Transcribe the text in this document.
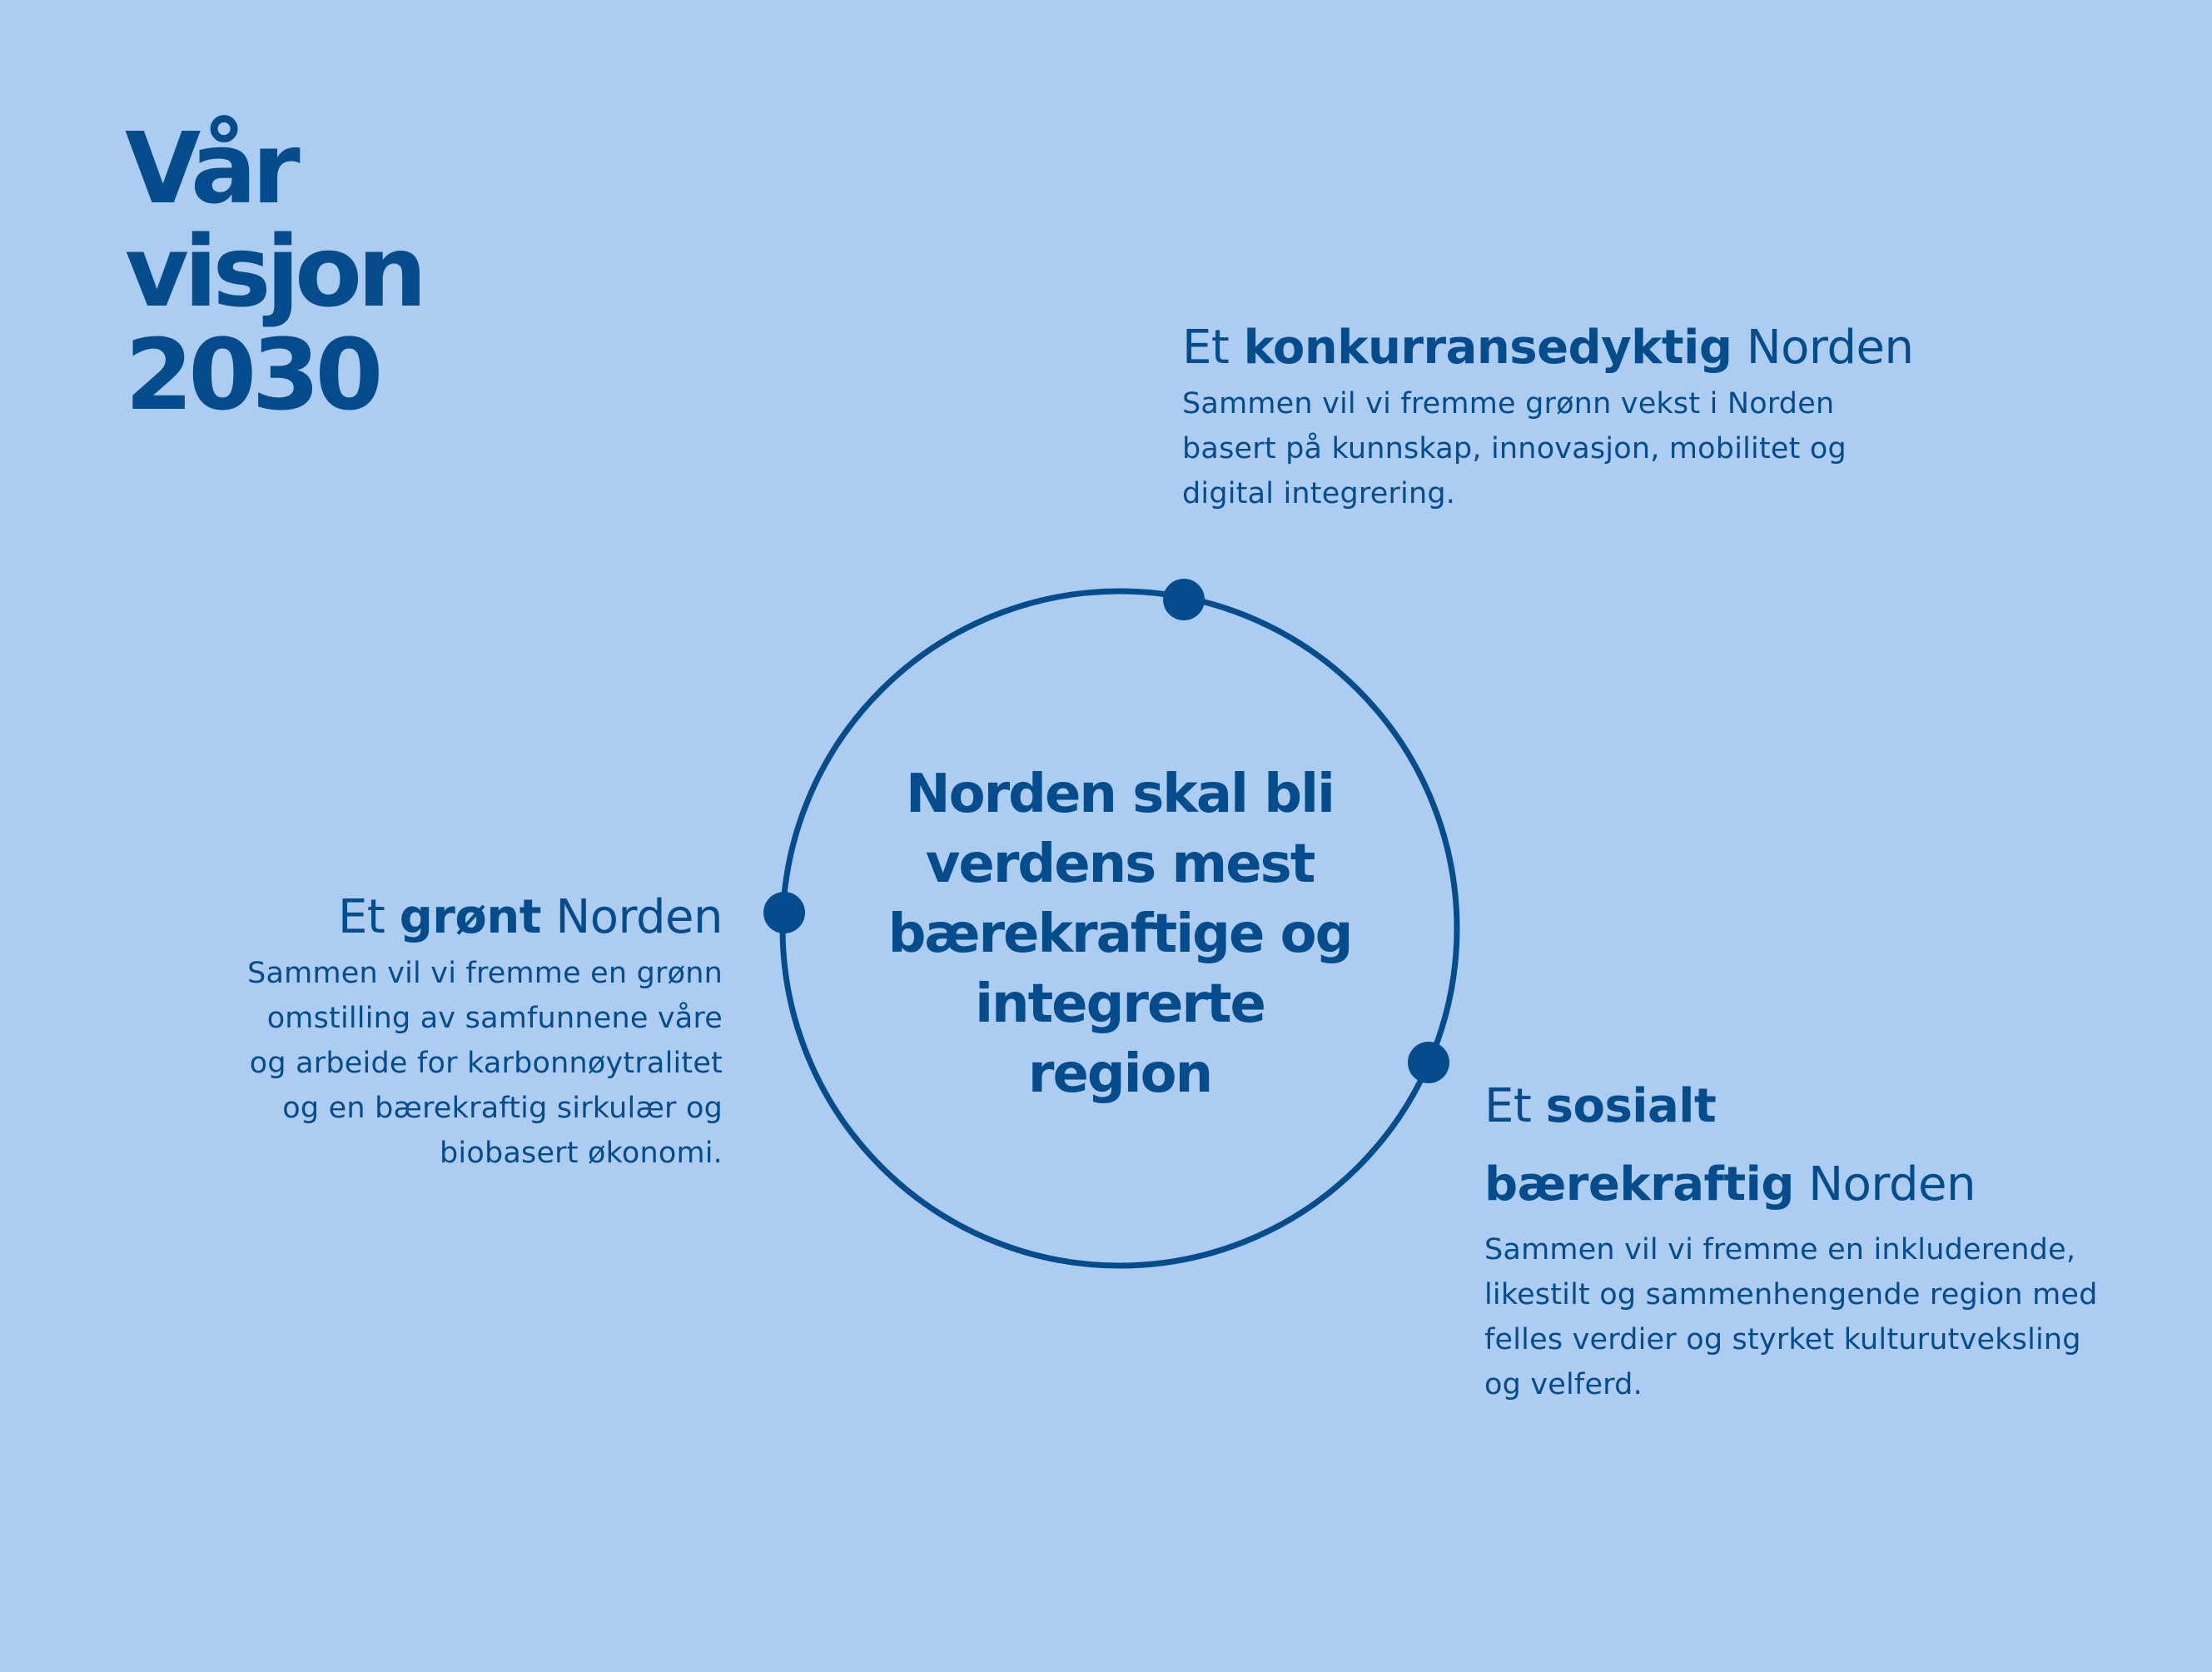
Vår
visjon
2030
Norden skal bli
verdens mest
bærekraftige og
integrerte
region
Et konkurransedyktig Norden
Sammen vil vi fremme grønn vekst i Norden
basert på kunnskap, innovasjon, mobilitet og
digital integrering.
Et grønt Norden
Sammen vil vi fremme en grønn
omstilling av samfunnene våre
og arbeide for karbonnøytralitet
og en bærekraftig sirkulær og
biobasert økonomi.
Et sosialt
bærekraftig Norden
Sammen vil vi fremme en inkluderende,
likestilt og sammenhengende region med
felles verdier og styrket kulturutveksling
og velferd.
